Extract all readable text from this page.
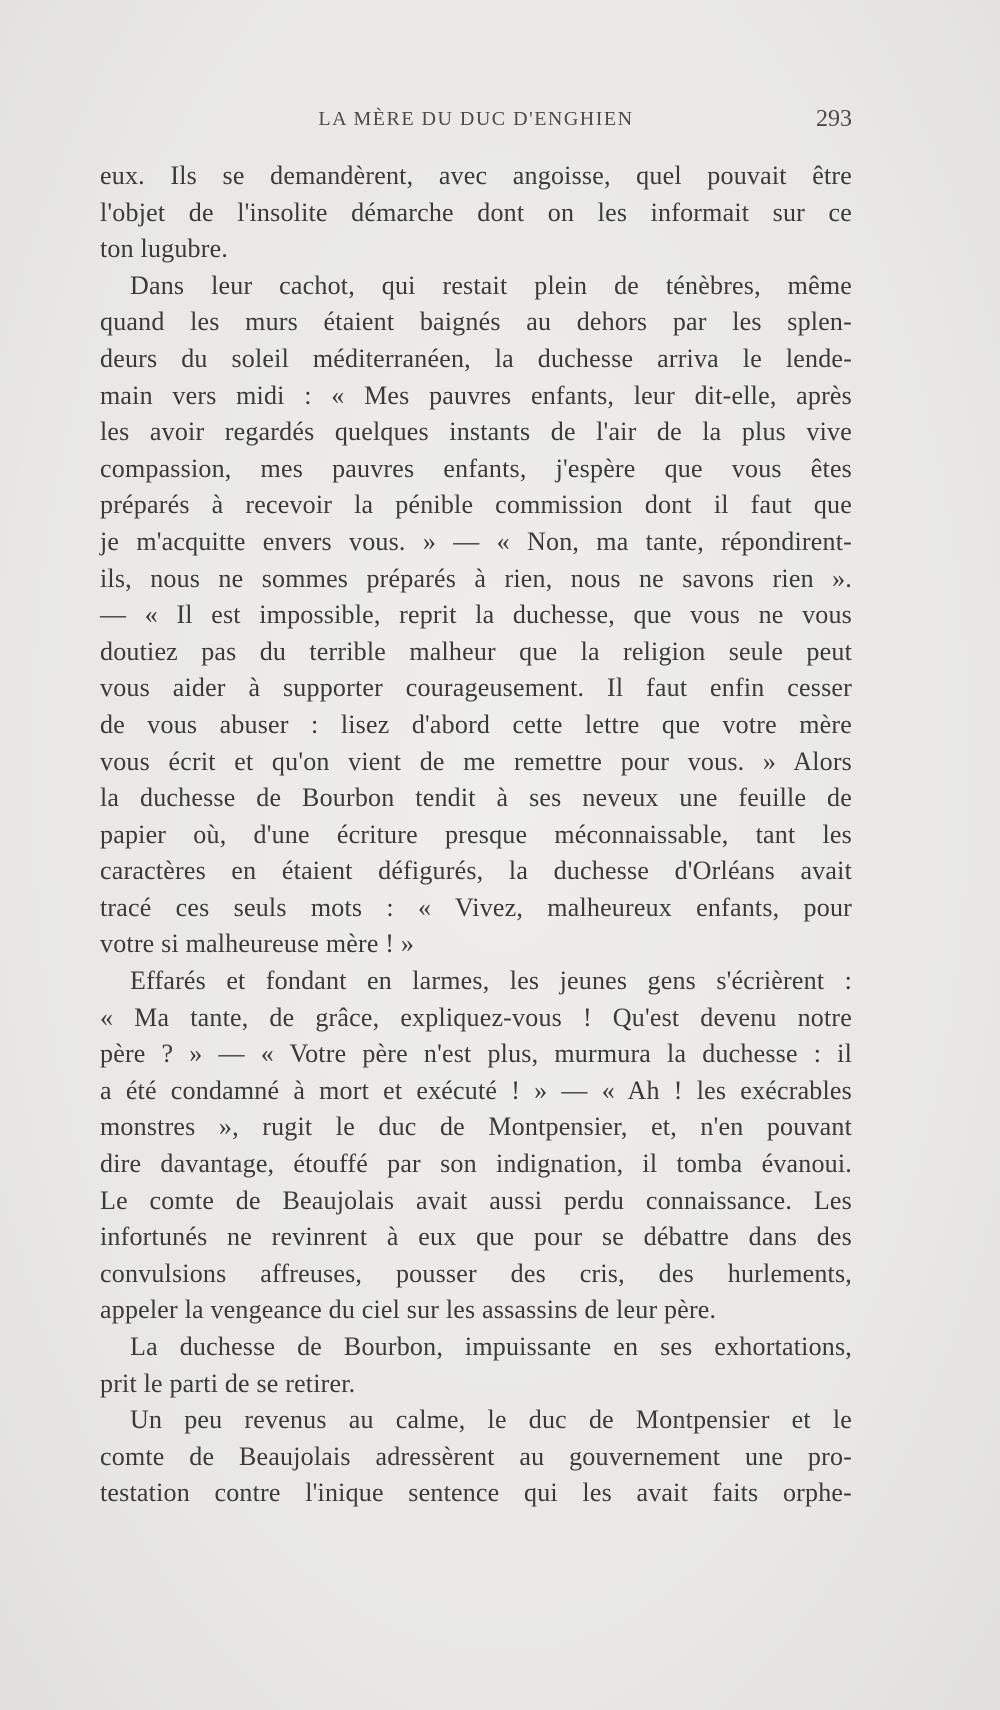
LA MÈRE DU DUC D'ENGHIEN	293
eux. Ils se demandèrent, avec angoisse, quel pouvait être
l'objet de l'insolite démarche dont on les informait sur ce
ton lugubre.
Dans leur cachot, qui restait plein de ténèbres, même
quand les murs étaient baignés au dehors par les splen-
deurs du soleil méditerranéen, la duchesse arriva le lende-
main vers midi : « Mes pauvres enfants, leur dit-elle, après
les avoir regardés quelques instants de l'air de la plus vive
compassion, mes pauvres enfants, j'espère que vous êtes
préparés à recevoir la pénible commission dont il faut que
je m'acquitte envers vous. » — « Non, ma tante, répondirent-
ils, nous ne sommes préparés à rien, nous ne savons rien ».
— « Il est impossible, reprit la duchesse, que vous ne vous
doutiez pas du terrible malheur que la religion seule peut
vous aider à supporter courageusement. Il faut enfin cesser
de vous abuser : lisez d'abord cette lettre que votre mère
vous écrit et qu'on vient de me remettre pour vous. » Alors
la duchesse de Bourbon tendit à ses neveux une feuille de
papier où, d'une écriture presque méconnaissable, tant les
caractères en étaient défigurés, la duchesse d'Orléans avait
tracé ces seuls mots : « Vivez, malheureux enfants, pour
votre si malheureuse mère ! »
Effarés et fondant en larmes, les jeunes gens s'écrièrent :
« Ma tante, de grâce, expliquez-vous ! Qu'est devenu notre
père ? » — « Votre père n'est plus, murmura la duchesse : il
a été condamné à mort et exécuté ! » — « Ah ! les exécrables
monstres », rugit le duc de Montpensier, et, n'en pouvant
dire davantage, étouffé par son indignation, il tomba évanoui.
Le comte de Beaujolais avait aussi perdu connaissance. Les
infortunés ne revinrent à eux que pour se débattre dans des
convulsions affreuses, pousser des cris, des hurlements,
appeler la vengeance du ciel sur les assassins de leur père.
La duchesse de Bourbon, impuissante en ses exhortations,
prit le parti de se retirer.
Un peu revenus au calme, le duc de Montpensier et le
comte de Beaujolais adressèrent au gouvernement une pro-
testation contre l'inique sentence qui les avait faits orphe-
